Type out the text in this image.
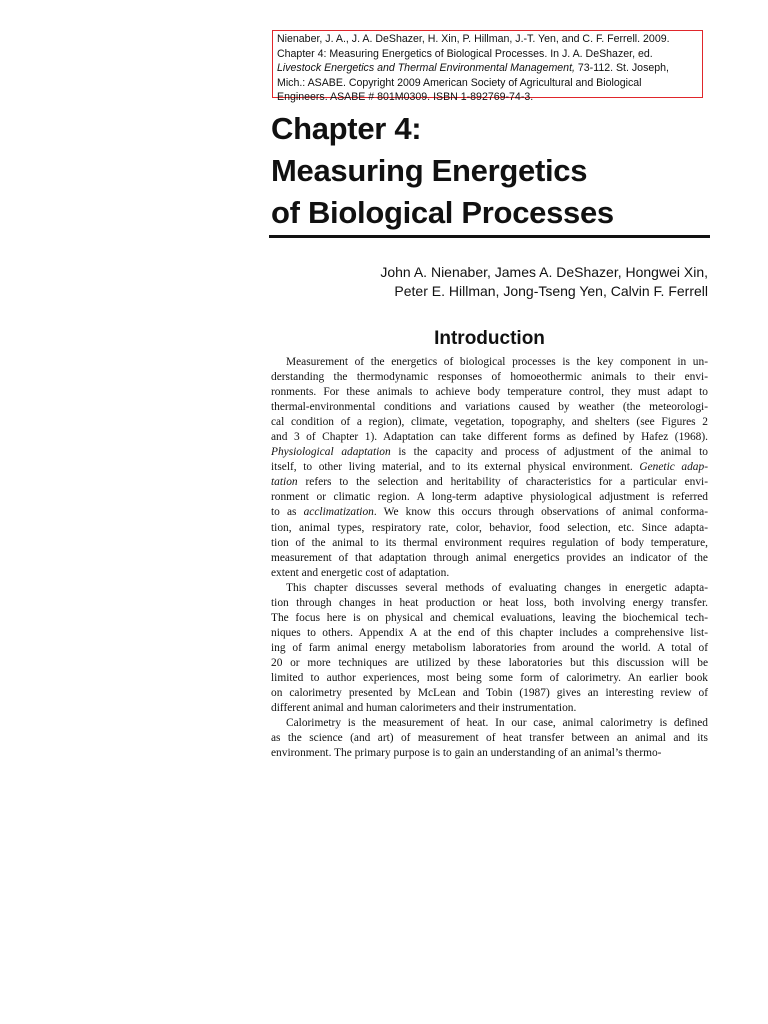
Nienaber, J. A., J. A. DeShazer, H. Xin, P. Hillman, J.-T. Yen, and C. F. Ferrell. 2009.
Chapter 4: Measuring Energetics of Biological Processes. In J. A. DeShazer, ed.
Livestock Energetics and Thermal Environmental Management, 73-112. St. Joseph,
Mich.: ASABE. Copyright 2009 American Society of Agricultural and Biological
Engineers. ASABE # 801M0309. ISBN 1-892769-74-3.
Chapter 4:
Measuring Energetics
of Biological Processes
John A. Nienaber, James A. DeShazer, Hongwei Xin,
Peter E. Hillman, Jong-Tseng Yen, Calvin F. Ferrell
Introduction
Measurement of the energetics of biological processes is the key component in un-
derstanding the thermodynamic responses of homoeothermic animals to their envi-
ronments. For these animals to achieve body temperature control, they must adapt to
thermal-environmental conditions and variations caused by weather (the meteorologi-
cal condition of a region), climate, vegetation, topography, and shelters (see Figures 2
and 3 of Chapter 1). Adaptation can take different forms as defined by Hafez (1968).
Physiological adaptation is the capacity and process of adjustment of the animal to
itself, to other living material, and to its external physical environment. Genetic adap-
tation refers to the selection and heritability of characteristics for a particular envi-
ronment or climatic region. A long-term adaptive physiological adjustment is referred
to as acclimatization. We know this occurs through observations of animal conforma-
tion, animal types, respiratory rate, color, behavior, food selection, etc. Since adapta-
tion of the animal to its thermal environment requires regulation of body temperature,
measurement of that adaptation through animal energetics provides an indicator of the
extent and energetic cost of adaptation.
This chapter discusses several methods of evaluating changes in energetic adapta-
tion through changes in heat production or heat loss, both involving energy transfer.
The focus here is on physical and chemical evaluations, leaving the biochemical tech-
niques to others. Appendix A at the end of this chapter includes a comprehensive list-
ing of farm animal energy metabolism laboratories from around the world. A total of
20 or more techniques are utilized by these laboratories but this discussion will be
limited to author experiences, most being some form of calorimetry. An earlier book
on calorimetry presented by McLean and Tobin (1987) gives an interesting review of
different animal and human calorimeters and their instrumentation.
Calorimetry is the measurement of heat. In our case, animal calorimetry is defined
as the science (and art) of measurement of heat transfer between an animal and its
environment. The primary purpose is to gain an understanding of an animal’s thermo-
